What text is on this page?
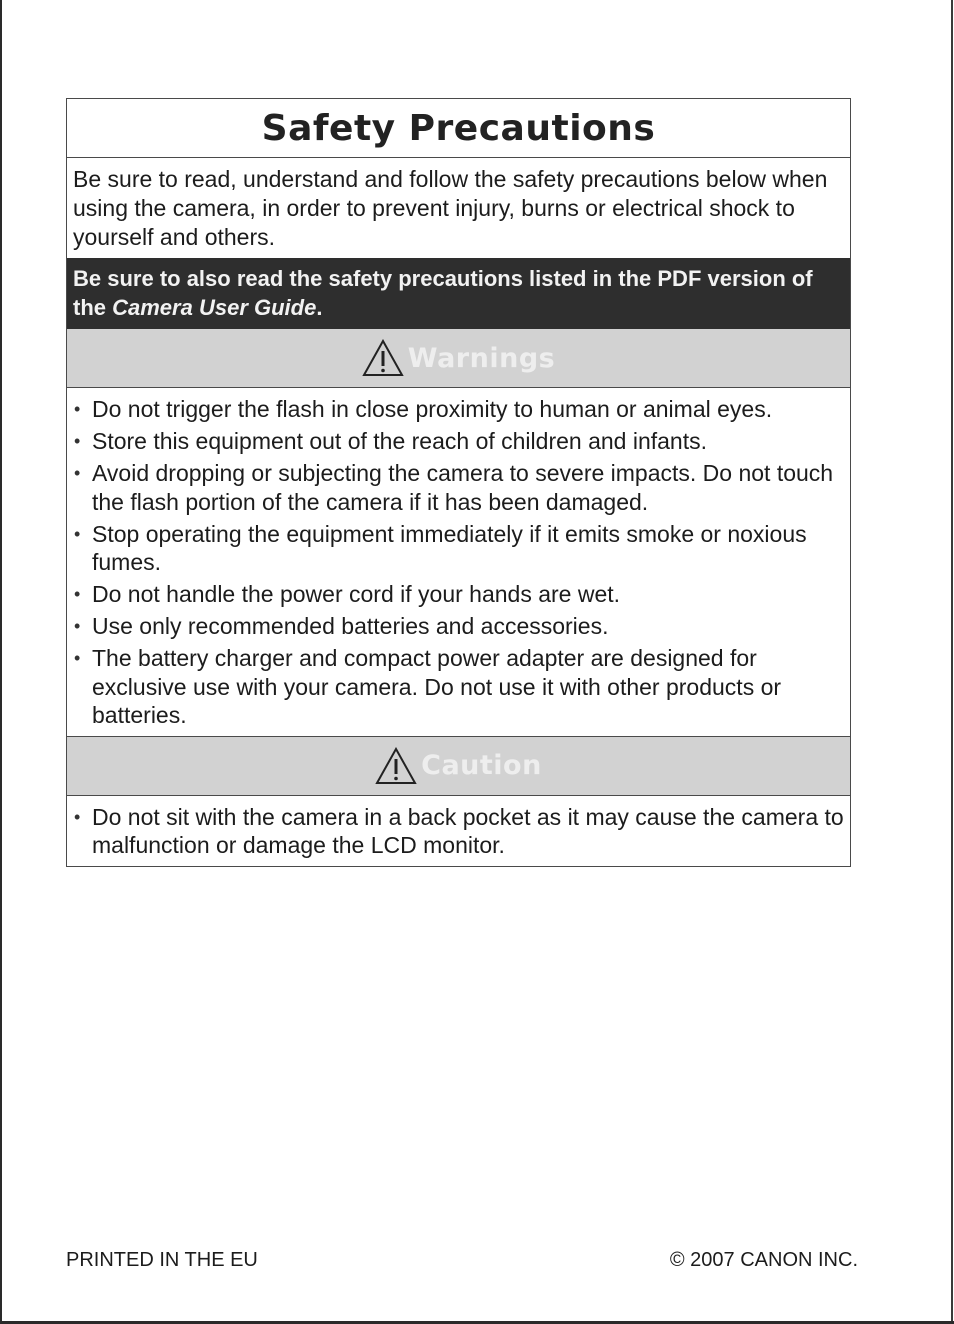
Safety Precautions
Be sure to read, understand and follow the safety precautions below when using the camera, in order to prevent injury, burns or electrical shock to yourself and others.
Be sure to also read the safety precautions listed in the PDF version of the Camera User Guide.
Warnings
• Do not trigger the flash in close proximity to human or animal eyes.
• Store this equipment out of the reach of children and infants.
• Avoid dropping or subjecting the camera to severe impacts. Do not touch the flash portion of the camera if it has been damaged.
• Stop operating the equipment immediately if it emits smoke or noxious fumes.
• Do not handle the power cord if your hands are wet.
• Use only recommended batteries and accessories.
• The battery charger and compact power adapter are designed for exclusive use with your camera. Do not use it with other products or batteries.
Caution
• Do not sit with the camera in a back pocket as it may cause the camera to malfunction or damage the LCD monitor.
PRINTED IN THE EU	© 2007 CANON INC.
